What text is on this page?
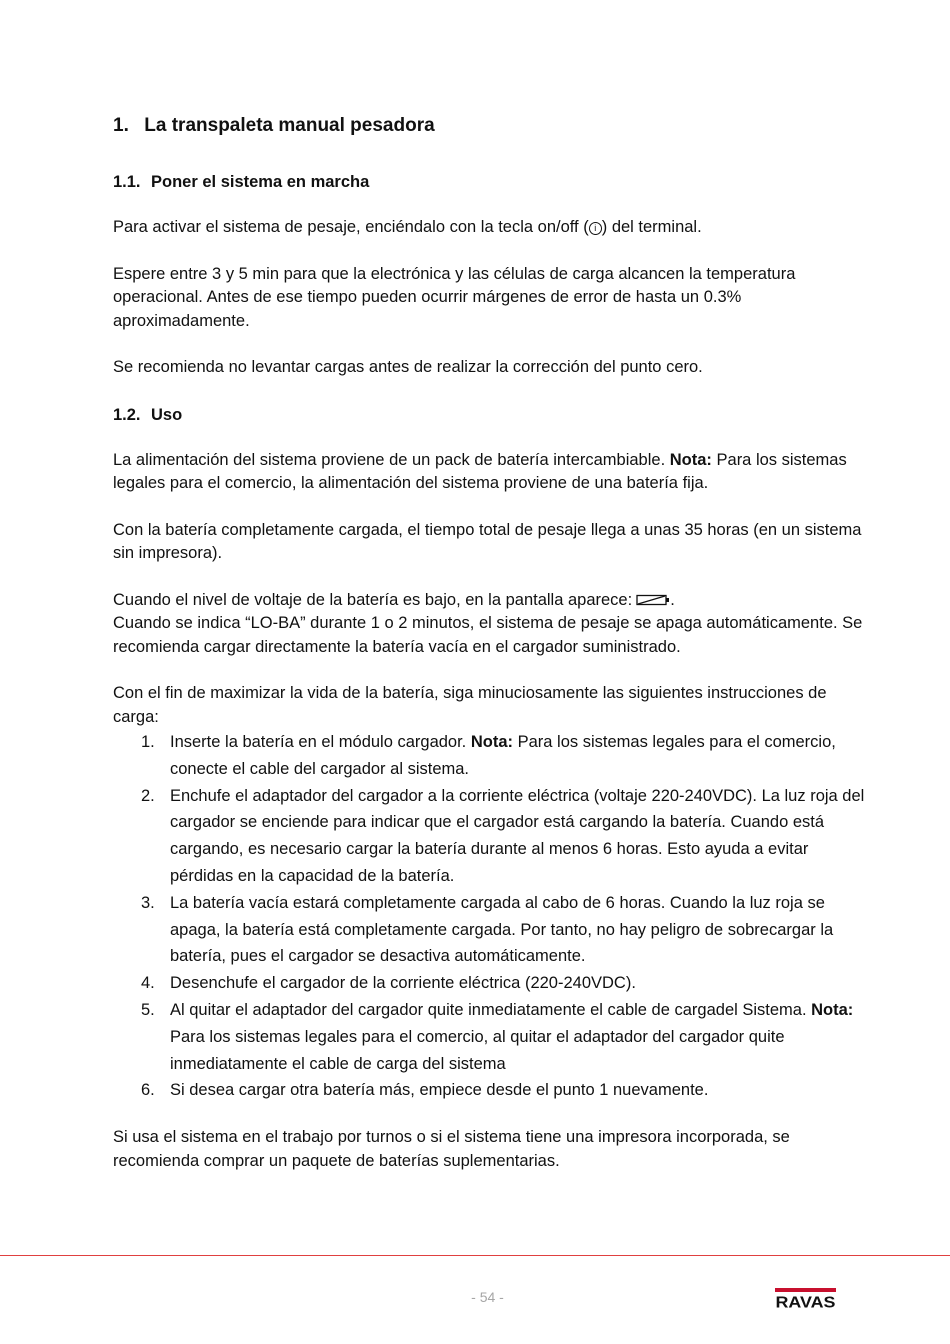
1. La transpaleta manual pesadora
1.1. Poner el sistema en marcha

Para activar el sistema de pesaje, enciéndalo con la tecla on/off ( i ) del terminal.

Espere entre 3 y 5 min para que la electrónica y las células de carga alcancen la temperatura operacional. Antes de ese tiempo pueden ocurrir márgenes de error de hasta un 0.3% aproximadamente.

Se recomienda no levantar cargas antes de realizar la corrección del punto cero.

1.2. Uso

La alimentación del sistema proviene de un pack de batería intercambiable. Nota: Para los sistemas legales para el comercio, la alimentación del sistema proviene de una batería fija.

Con la batería completamente cargada, el tiempo total de pesaje llega a unas 35 horas (en un sistema sin impresora).

Cuando el nivel de voltaje de la batería es bajo, en la pantalla aparece: .
Cuando se indica “LO-BA” durante 1 o 2 minutos, el sistema de pesaje se apaga automáticamente. Se recomienda cargar directamente la batería vacía en el cargador suministrado.

Con el fin de maximizar la vida de la batería, siga minuciosamente las siguientes instrucciones de carga:

1. Inserte la batería en el módulo cargador. Nota: Para los sistemas legales para el comercio, conecte el cable del cargador al sistema.
2. Enchufe el adaptador del cargador a la corriente eléctrica (voltaje 220-240VDC). La luz roja del cargador se enciende para indicar que el cargador está cargando la batería. Cuando está cargando, es necesario cargar la batería durante al menos 6 horas. Esto ayuda a evitar pérdidas en la capacidad de la batería.
3. La batería vacía estará completamente cargada al cabo de 6 horas. Cuando la luz roja se apaga, la batería está completamente cargada. Por tanto, no hay peligro de sobrecargar la batería, pues el cargador se desactiva automáticamente.
4. Desenchufe el cargador de la corriente eléctrica (220-240VDC).
5. Al quitar el adaptador del cargador quite inmediatamente el cable de cargadel Sistema. Nota: Para los sistemas legales para el comercio, al quitar el adaptador del cargador quite inmediatamente el cable de carga del sistema
6. Si desea cargar otra batería más, empiece desde el punto 1 nuevamente.

Si usa el sistema en el trabajo por turnos o si el sistema tiene una impresora incorporada, se recomienda comprar un paquete de baterías suplementarias.

- 54 -	RAVAS
